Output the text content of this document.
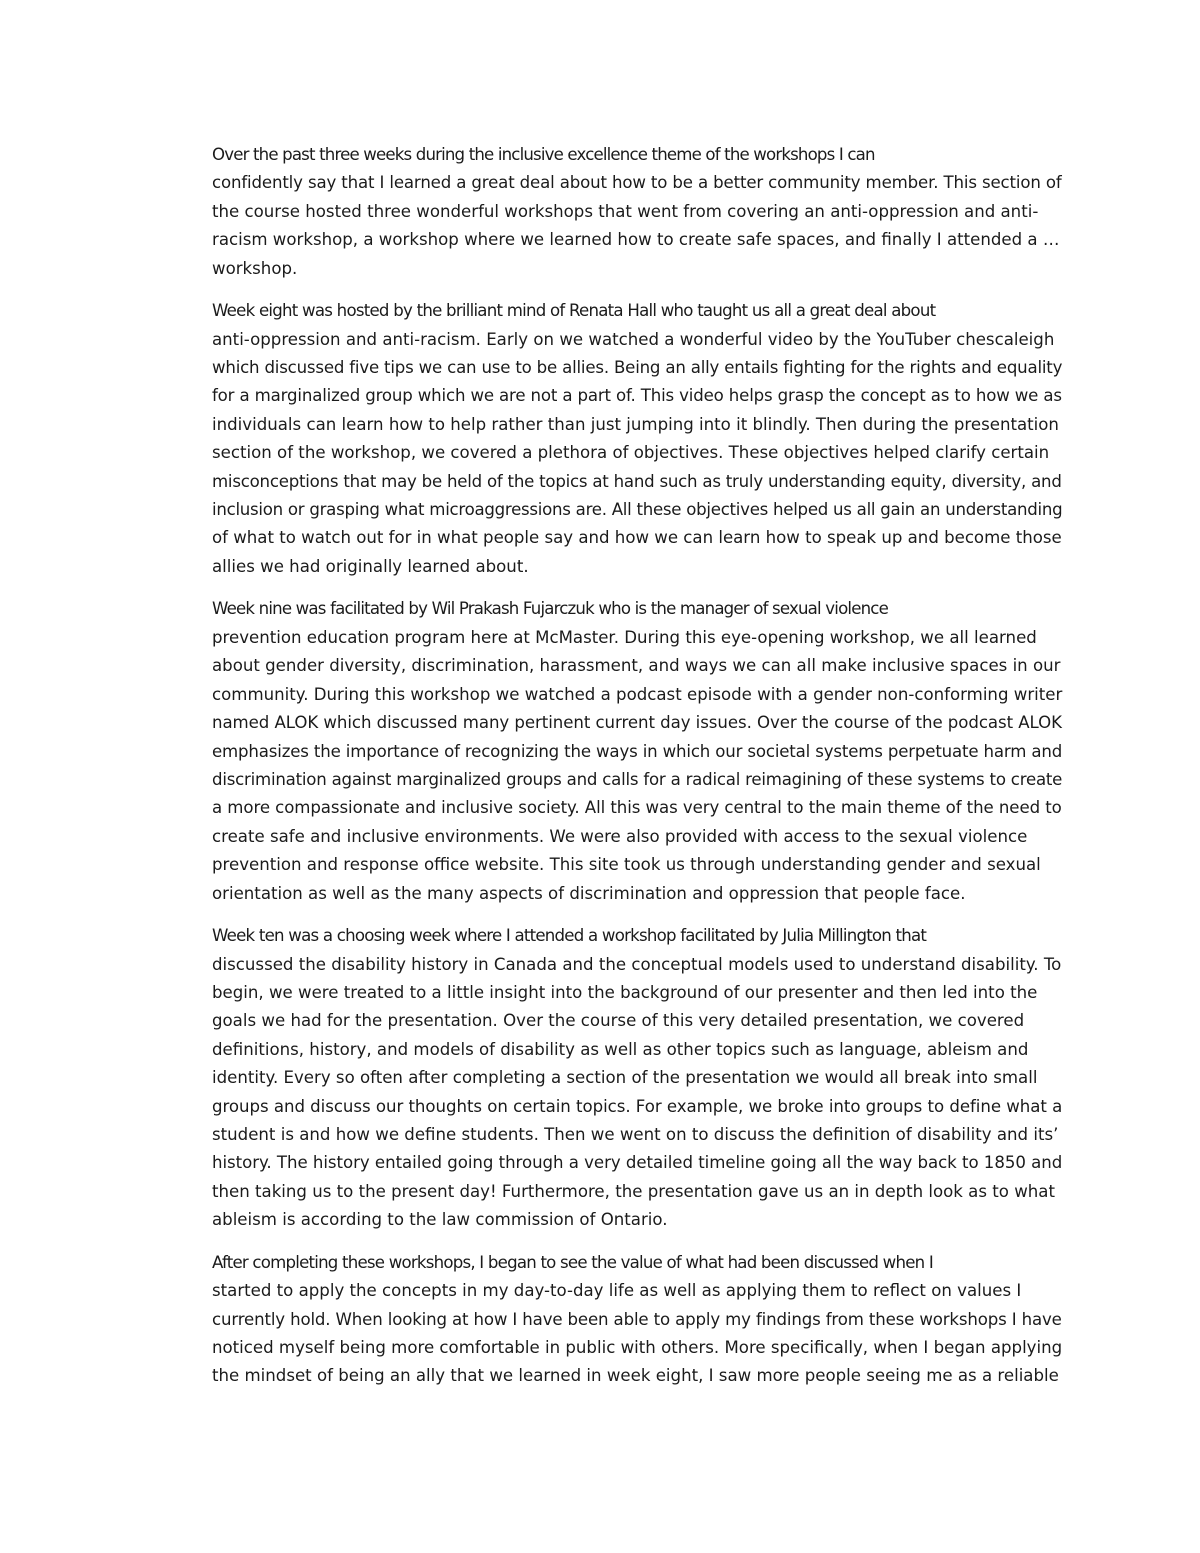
Over the past three weeks during the inclusive excellence theme of the workshops I can
confidently say that I learned a great deal about how to be a better community member. This section of
the course hosted three wonderful workshops that went from covering an anti-oppression and anti-
racism workshop, a workshop where we learned how to create safe spaces, and finally I attended a …
workshop.

Week eight was hosted by the brilliant mind of Renata Hall who taught us all a great deal about
anti-oppression and anti-racism. Early on we watched a wonderful video by the YouTuber chescaleigh
which discussed five tips we can use to be allies. Being an ally entails fighting for the rights and equality
for a marginalized group which we are not a part of. This video helps grasp the concept as to how we as
individuals can learn how to help rather than just jumping into it blindly. Then during the presentation
section of the workshop, we covered a plethora of objectives. These objectives helped clarify certain
misconceptions that may be held of the topics at hand such as truly understanding equity, diversity, and
inclusion or grasping what microaggressions are. All these objectives helped us all gain an understanding
of what to watch out for in what people say and how we can learn how to speak up and become those
allies we had originally learned about.

Week nine was facilitated by Wil Prakash Fujarczuk who is the manager of sexual violence
prevention education program here at McMaster. During this eye-opening workshop, we all learned
about gender diversity, discrimination, harassment, and ways we can all make inclusive spaces in our
community. During this workshop we watched a podcast episode with a gender non-conforming writer
named ALOK which discussed many pertinent current day issues. Over the course of the podcast ALOK
emphasizes the importance of recognizing the ways in which our societal systems perpetuate harm and
discrimination against marginalized groups and calls for a radical reimagining of these systems to create
a more compassionate and inclusive society. All this was very central to the main theme of the need to
create safe and inclusive environments. We were also provided with access to the sexual violence
prevention and response office website. This site took us through understanding gender and sexual
orientation as well as the many aspects of discrimination and oppression that people face.

Week ten was a choosing week where I attended a workshop facilitated by Julia Millington that
discussed the disability history in Canada and the conceptual models used to understand disability. To
begin, we were treated to a little insight into the background of our presenter and then led into the
goals we had for the presentation. Over the course of this very detailed presentation, we covered
definitions, history, and models of disability as well as other topics such as language, ableism and
identity. Every so often after completing a section of the presentation we would all break into small
groups and discuss our thoughts on certain topics. For example, we broke into groups to define what a
student is and how we define students. Then we went on to discuss the definition of disability and its’
history. The history entailed going through a very detailed timeline going all the way back to 1850 and
then taking us to the present day! Furthermore, the presentation gave us an in depth look as to what
ableism is according to the law commission of Ontario.

After completing these workshops, I began to see the value of what had been discussed when I
started to apply the concepts in my day-to-day life as well as applying them to reflect on values I
currently hold. When looking at how I have been able to apply my findings from these workshops I have
noticed myself being more comfortable in public with others. More specifically, when I began applying
the mindset of being an ally that we learned in week eight, I saw more people seeing me as a reliable
